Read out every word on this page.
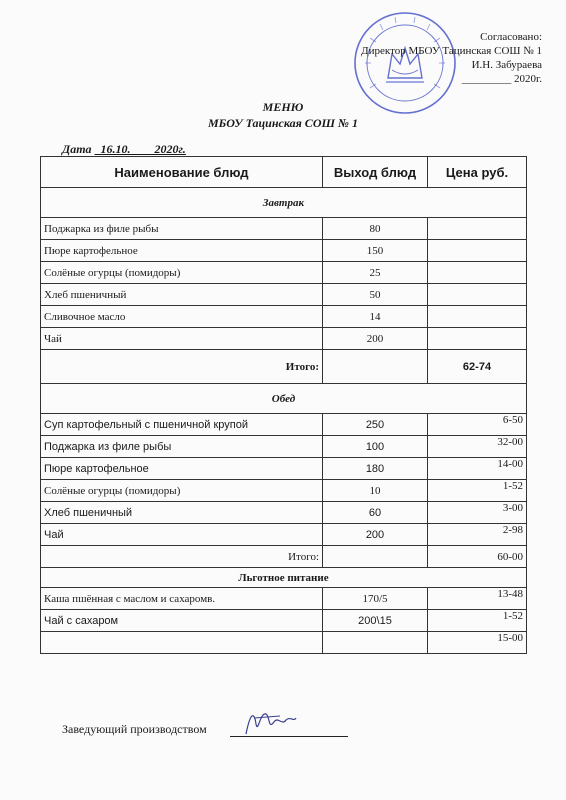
Согласовано:
Директор МБОУ Тацинская СОШ № 1
И.Н. Забураева
_________ 2020г.
МЕНЮ
МБОУ Тацинская СОШ № 1
Дата 16.10. 2020г.
Наименование блюд	Выход блюд	Цена руб.
Завтрак		
Поджарка из филе рыбы	80	
Пюре картофельное	150	
Солёные огурцы (помидоры)	25	
Хлеб пшеничный	50	
Сливочное масло	14	
Чай	200	
Итого:		62-74
Обед		
Суп картофельный с пшеничной крупой	250	6-50
Поджарка из филе рыбы	100	32-00
Пюре картофельное	180	14-00
Солёные огурцы (помидоры)	10	1-52
Хлеб пшеничный	60	3-00
Чай	200	2-98
Итого:		60-00
Льготное питание		
Каша пшённая с маслом и сахаромв.	170/5	13-48
Чай с сахаром	200\15	1-52
		15-00
Заведующий производством
